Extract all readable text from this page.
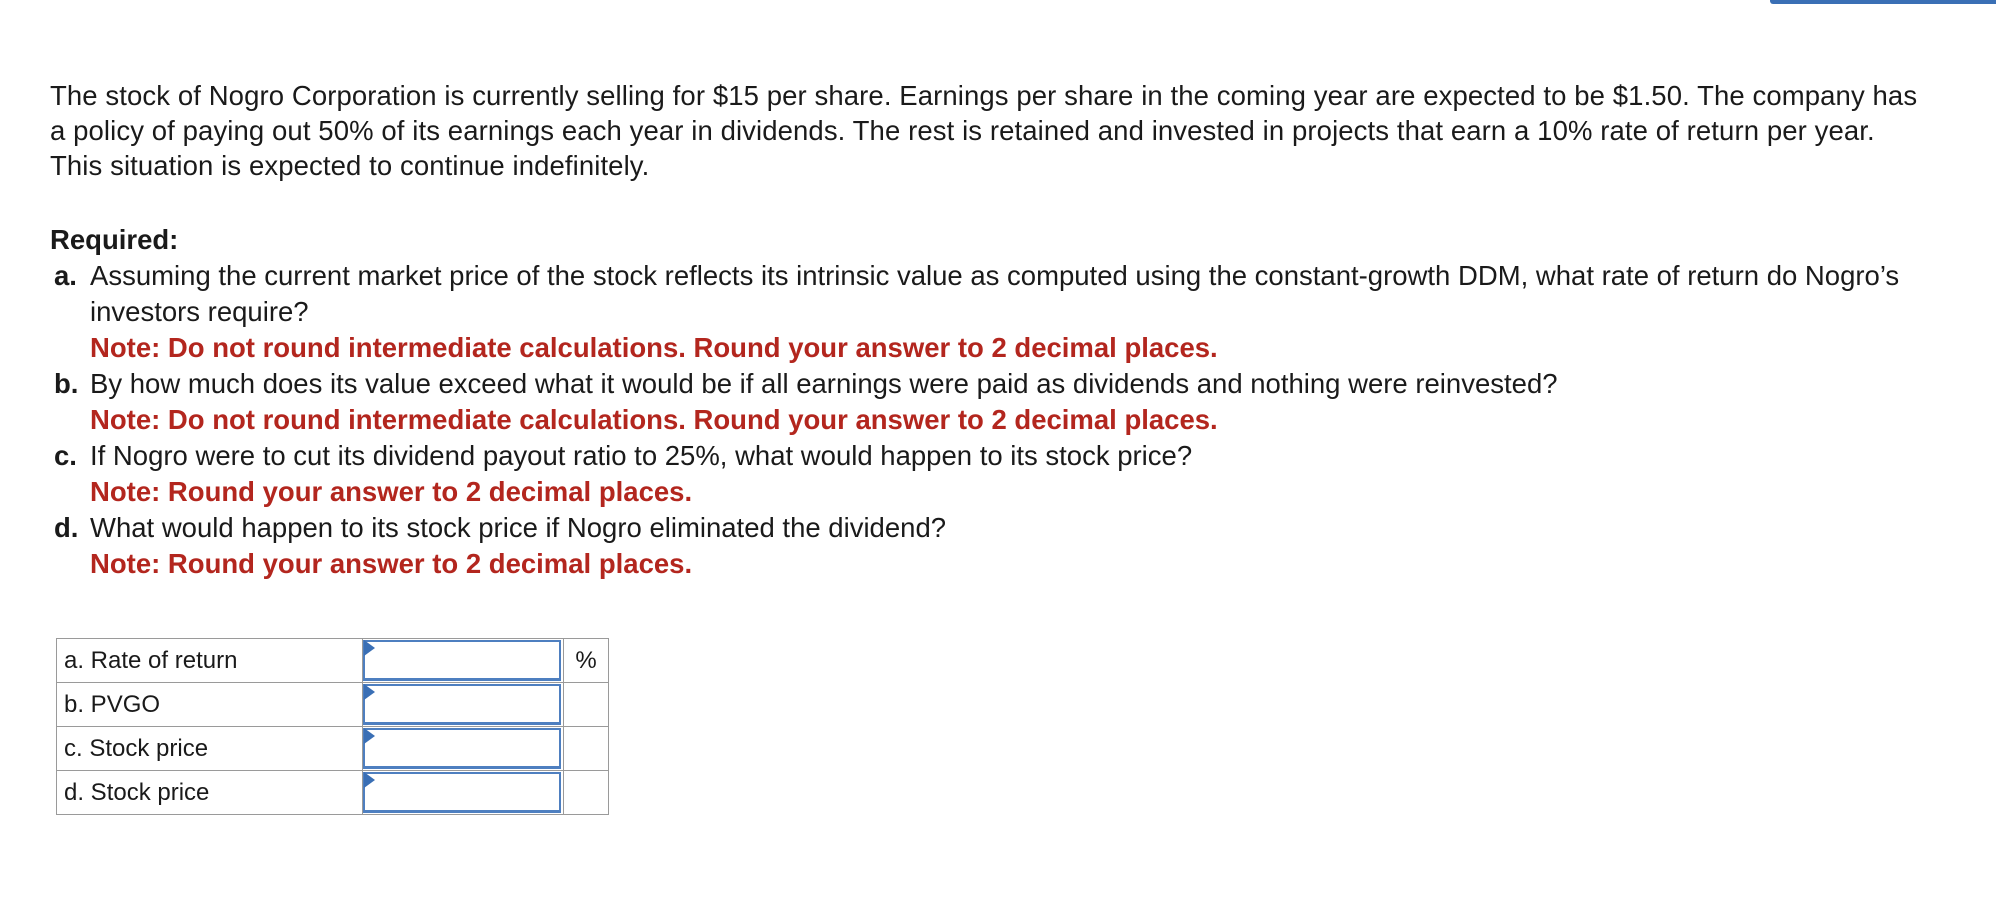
The stock of Nogro Corporation is currently selling for $15 per share. Earnings per share in the coming year are expected to be $1.50. The company has a policy of paying out 50% of its earnings each year in dividends. The rest is retained and invested in projects that earn a 10% rate of return per year. This situation is expected to continue indefinitely.

Required:
a. Assuming the current market price of the stock reflects its intrinsic value as computed using the constant-growth DDM, what rate of return do Nogro’s investors require?
Note: Do not round intermediate calculations. Round your answer to 2 decimal places.
b. By how much does its value exceed what it would be if all earnings were paid as dividends and nothing were reinvested?
Note: Do not round intermediate calculations. Round your answer to 2 decimal places.
c. If Nogro were to cut its dividend payout ratio to 25%, what would happen to its stock price?
Note: Round your answer to 2 decimal places.
d. What would happen to its stock price if Nogro eliminated the dividend?
Note: Round your answer to 2 decimal places.
a. Rate of return		%
b. PVGO	

c. Stock price	

d. Stock price	
